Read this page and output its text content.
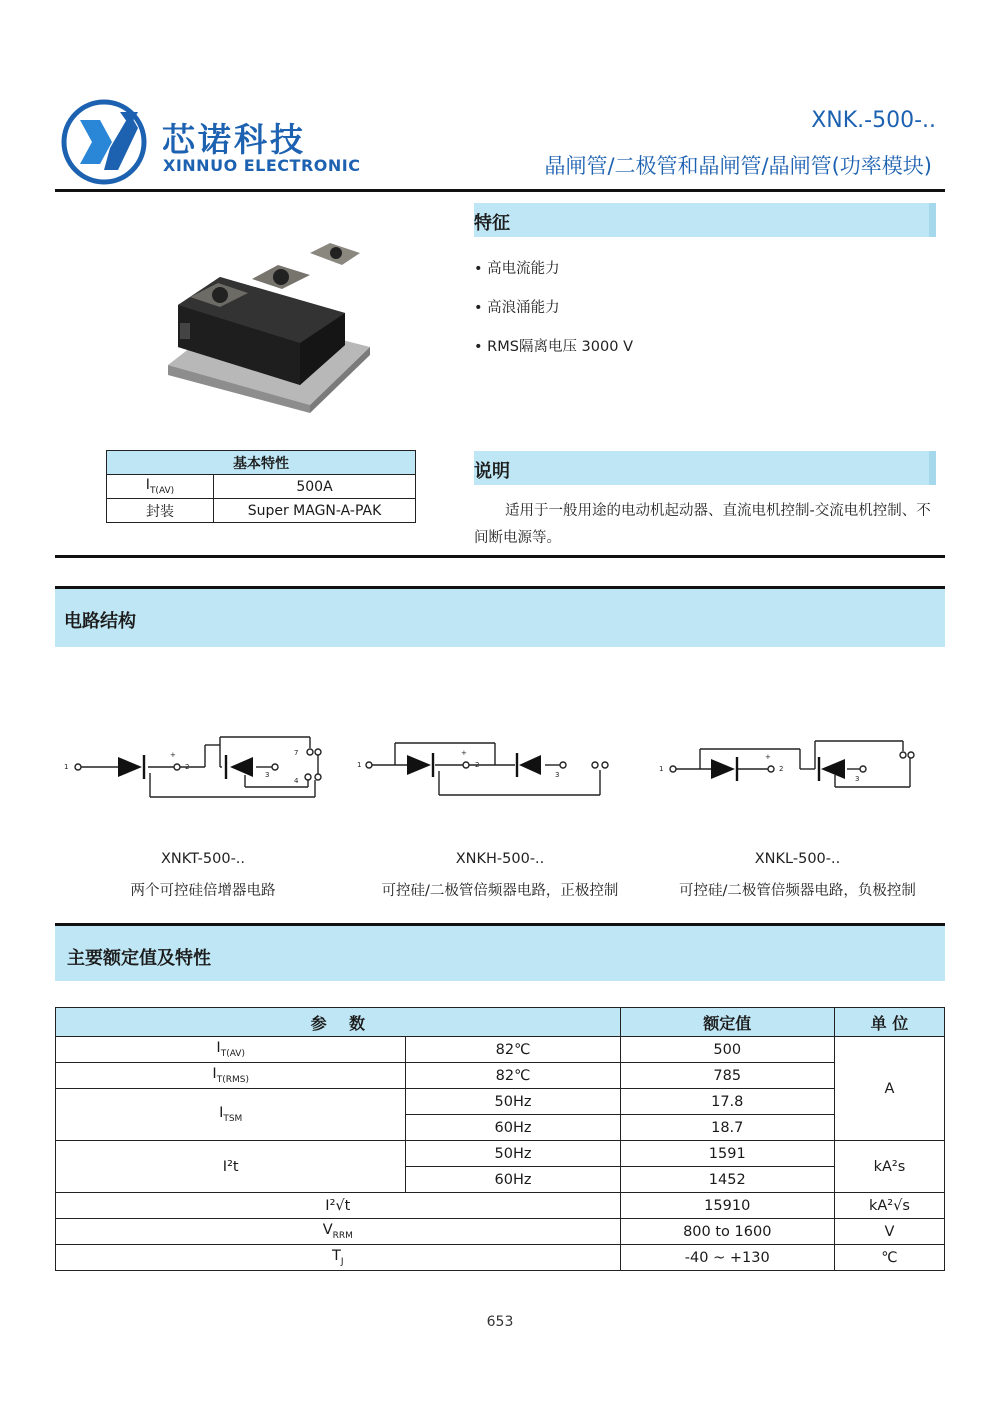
芯诺科技
XINNUO ELECTRONIC
XNK.-500-..
晶闸管/二极管和晶闸管/晶闸管(功率模块)
特征
• 高电流能力
• 高浪涌能力
• RMS隔离电压 3000 V
基本特性	
$I_{T(AV)}$	500A
封装	Super MAGN-A-PAK
说明
适用于一般用途的电动机起动器、直流电机控制-交流电机控制、不间断电源等。
电路结构
1
+
2
3
7
4
1
+
2
3
1
+
2
3
XNKT-500-..
两个可控硅倍增器电路
XNKH-500-..
可控硅/二极管倍频器电路，正极控制
XNKL-500-..
可控硅/二极管倍频器电路，负极控制
主要额定值及特性
参    数		额定值	单 位
$I_{T(AV)}$	82℃	500	A
$I_{T(RMS)}$	82℃	785	
$I_{TSM}$	50Hz	17.8	
	60Hz	18.7	
I²t	50Hz	1591	kA²s
	60Hz	1452	
I²√t		15910	kA²√s
$V_{RRM}$		800 to 1600	V
$T_J$		-40 ~ +130	℃
653
